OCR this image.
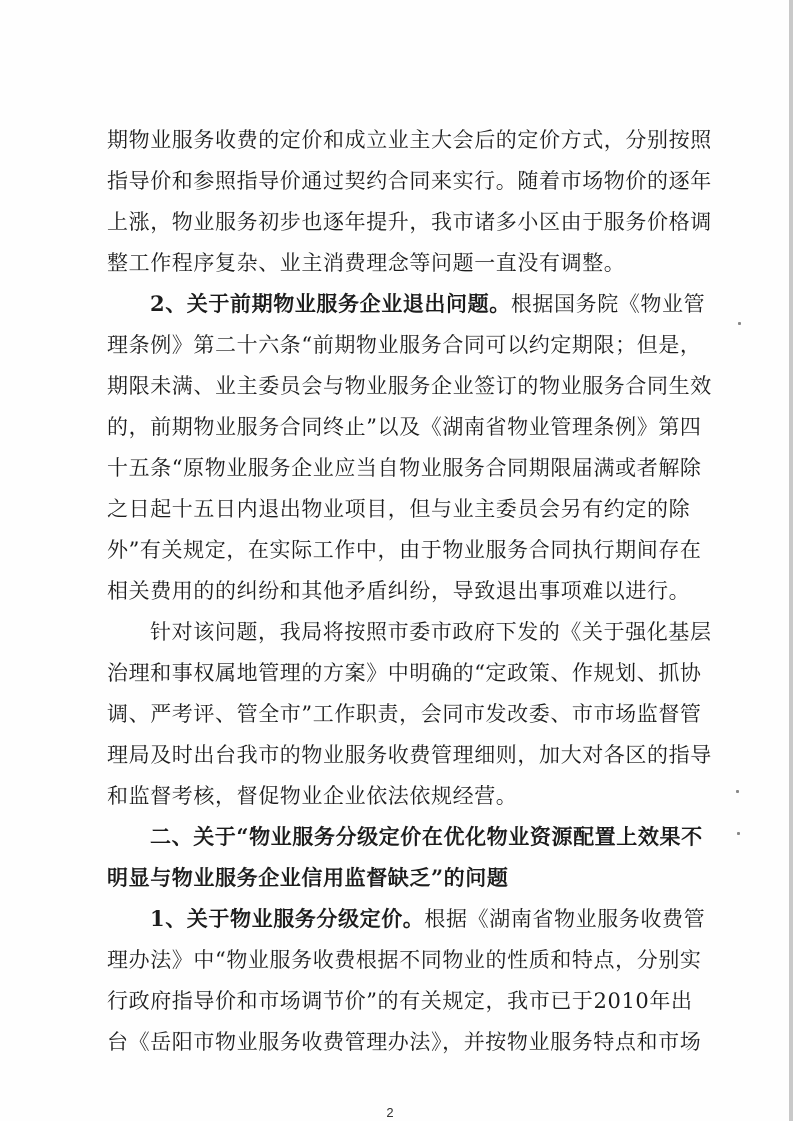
期物业服务收费的定价和成立业主大会后的定价方式，分别按照
指导价和参照指导价通过契约合同来实行。随着市场物价的逐年
上涨，物业服务初步也逐年提升，我市诸多小区由于服务价格调
整工作程序复杂、业主消费理念等问题一直没有调整。
2、关于前期物业服务企业退出问题。根据国务院《物业管
理条例》第二十六条“前期物业服务合同可以约定期限；但是，
期限未满、业主委员会与物业服务企业签订的物业服务合同生效
的，前期物业服务合同终止”以及《湖南省物业管理条例》第四
十五条“原物业服务企业应当自物业服务合同期限届满或者解除
之日起十五日内退出物业项目，但与业主委员会另有约定的除
外”有关规定，在实际工作中，由于物业服务合同执行期间存在
相关费用的的纠纷和其他矛盾纠纷，导致退出事项难以进行。
针对该问题，我局将按照市委市政府下发的《关于强化基层
治理和事权属地管理的方案》中明确的“定政策、作规划、抓协
调、严考评、管全市”工作职责，会同市发改委、市市场监督管
理局及时出台我市的物业服务收费管理细则，加大对各区的指导
和监督考核，督促物业企业依法依规经营。
二、关于“物业服务分级定价在优化物业资源配置上效果不
明显与物业服务企业信用监督缺乏”的问题
1、关于物业服务分级定价。根据《湖南省物业服务收费管
理办法》中“物业服务收费根据不同物业的性质和特点，分别实
行政府指导价和市场调节价”的有关规定，我市已于2010年出
台《岳阳市物业服务收费管理办法》，并按物业服务特点和市场
2
